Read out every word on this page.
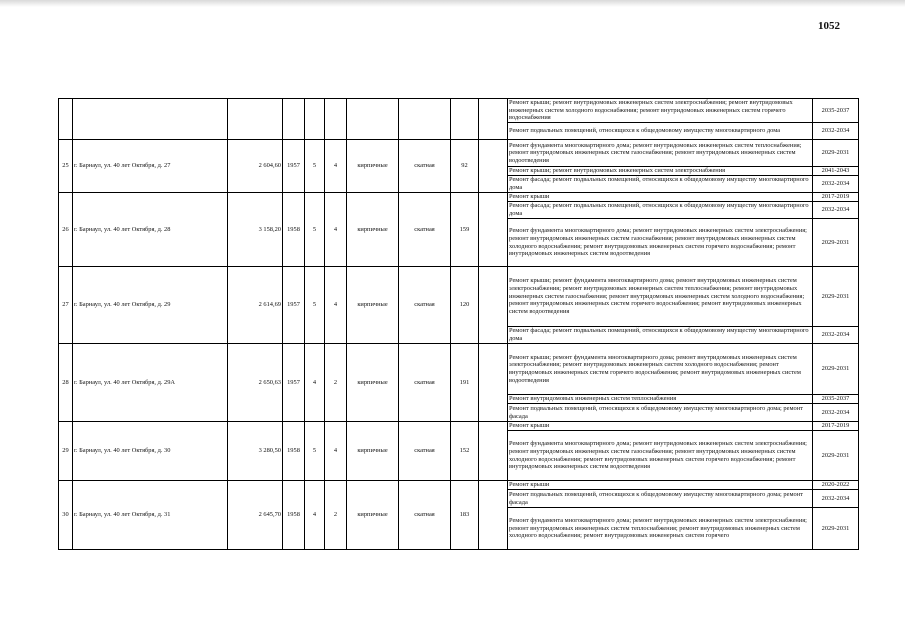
1052
										Ремонт крыши; ремонт внутридомовых инженерных систем электроснабжения; ремонт внутридомовых инженерных систем холодного водоснабжения; ремонт внутридомовых инженерных систем горячего водоснабжения	2035-2037
										Ремонт подвальных помещений, относящихся к общедомовому имуществу многоквартирного дома	2032-2034
25	г. Барнаул, ул. 40 лет Октября, д. 27	2 604,60	1957	5	4	кирпичные	скатная	92		Ремонт фундамента многоквартирного дома; ремонт внутридомовых инженерных систем теплоснабжения; ремонт внутридомовых инженерных систем газоснабжения; ремонт внутридомовых инженерных систем водоотведения	2029-2031
										Ремонт крыши; ремонт внутридомовых инженерных систем электроснабжения	2041-2043
										Ремонт фасада; ремонт подвальных помещений, относящихся к общедомовому имуществу многоквартирного дома	2032-2034
26	г. Барнаул, ул. 40 лет Октября, д. 28	3 158,20	1958	5	4	кирпичные	скатная	159		Ремонт крыши	2017-2019
										Ремонт фасада; ремонт подвальных помещений, относящихся к общедомовому имуществу многоквартирного дома	2032-2034
										Ремонт фундамента многоквартирного дома; ремонт внутридомовых инженерных систем электроснабжения; ремонт внутридомовых инженерных систем газоснабжения; ремонт внутридомовых инженерных систем холодного водоснабжения; ремонт внутридомовых инженерных систем горячего водоснабжения; ремонт внутридомовых инженерных систем водоотведения	2029-2031
27	г. Барнаул, ул. 40 лет Октября, д. 29	2 614,69	1957	5	4	кирпичные	скатная	120		Ремонт крыши; ремонт фундамента многоквартирного дома; ремонт внутридомовых инженерных систем электроснабжения; ремонт внутридомовых инженерных систем теплоснабжения; ремонт внутридомовых инженерных систем газоснабжения; ремонт внутридомовых инженерных систем холодного водоснабжения; ремонт внутридомовых инженерных систем горячего водоснабжения; ремонт внутридомовых инженерных систем водоотведения	2029-2031
										Ремонт фасада; ремонт подвальных помещений, относящихся к общедомовому имуществу многоквартирного дома	2032-2034
28	г. Барнаул, ул. 40 лет Октября, д. 29А	2 650,63	1957	4	2	кирпичные	скатная	191		Ремонт крыши; ремонт фундамента многоквартирного дома; ремонт внутридомовых инженерных систем электроснабжения; ремонт внутридомовых инженерных систем холодного водоснабжения; ремонт внутридомовых инженерных систем горячего водоснабжения; ремонт внутридомовых инженерных систем водоотведения	2029-2031
										Ремонт внутридомовых инженерных систем теплоснабжения	2035-2037
										Ремонт подвальных помещений, относящихся к общедомовому имуществу многоквартирного дома; ремонт фасада	2032-2034
29	г. Барнаул, ул. 40 лет Октября, д. 30	3 280,50	1958	5	4	кирпичные	скатная	152		Ремонт крыши	2017-2019
										Ремонт фундамента многоквартирного дома; ремонт внутридомовых инженерных систем электроснабжения; ремонт внутридомовых инженерных систем газоснабжения; ремонт внутридомовых инженерных систем холодного водоснабжения; ремонт внутридомовых инженерных систем горячего водоснабжения; ремонт внутридомовых инженерных систем водоотведения	2029-2031
30	г. Барнаул, ул. 40 лет Октября, д. 31	2 645,70	1958	4	2	кирпичные	скатная	183		Ремонт крыши	2020-2022
										Ремонт подвальных помещений, относящихся к общедомовому имуществу многоквартирного дома; ремонт фасада	2032-2034
										Ремонт фундамента многоквартирного дома; ремонт внутридомовых инженерных систем электроснабжения; ремонт внутридомовых инженерных систем теплоснабжения; ремонт внутридомовых инженерных систем холодного водоснабжения; ремонт внутридомовых инженерных систем горячего	2029-2031
